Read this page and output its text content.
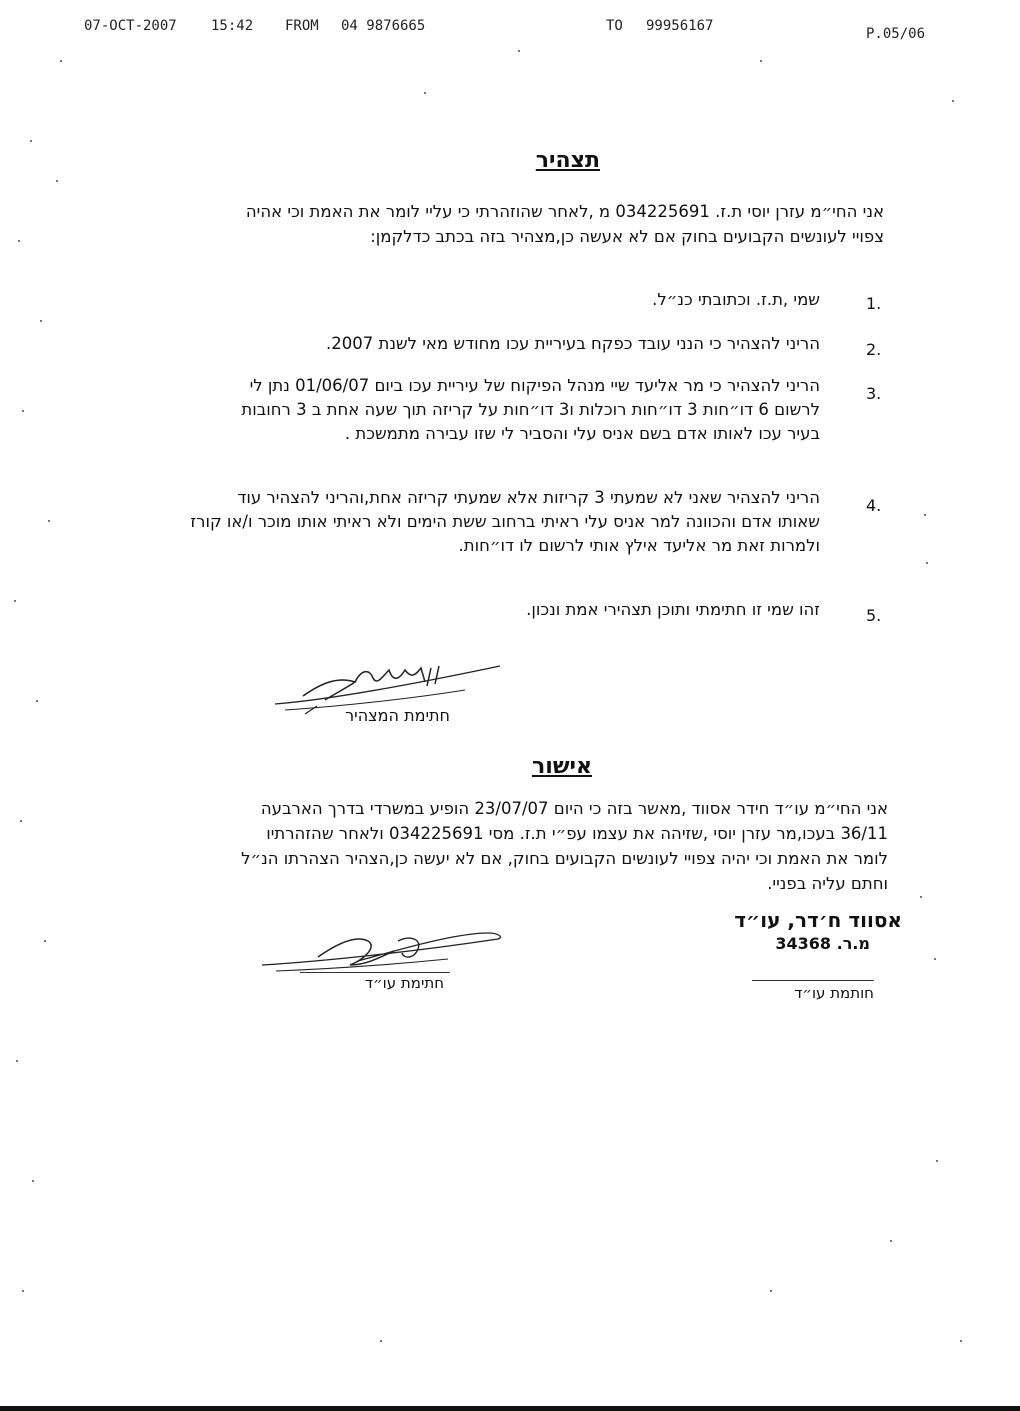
07-OCT-2007 15:42 FROM 04 9876665	TO 99956167	P.05/06
תצהיר
אני החי״מ עזרן יוסי ת.ז. 034225691 מ ,לאחר שהוזהרתי כי עליי לומר את האמת וכי אהיה צפויי לעונשים הקבועים בחוק אם לא אעשה כן,מצהיר בזה בכתב כדלקמן:
1.
שמי ,ת.ז. וכתובתי כנ״ל.
2.
הריני להצהיר כי הנני עובד כפקח בעיריית עכו מחודש מאי לשנת 2007.
3.
הריני להצהיר כי מר אליעד שיי מנהל הפיקוח של עיריית עכו ביום 01/06/07 נתן לי לרשום 6 דו״חות 3 דו״חות רוכלות ו3 דו״חות על קריזה תוך שעה אחת ב 3 רחובות בעיר עכו לאותו אדם בשם אניס עלי והסביר לי שזו עבירה מתמשכת .
4.
הריני להצהיר שאני לא שמעתי 3 קריזות אלא שמעתי קריזה אחת,והריני להצהיר עוד שאותו אדם והכוונה למר אניס עלי ראיתי ברחוב ששת הימים ולא ראיתי אותו מוכר ו/או קורז ולמרות זאת מר אליעד אילץ אותי לרשום לו דו״חות.
5.
זהו שמי זו חתימתי ותוכן תצהירי אמת ונכון.
חתימת המצהיר
אישור
אני החי״מ עו״ד חידר אסווד ,מאשר בזה כי היום 23/07/07 הופיע במשרדי בדרך הארבעה 36/11 בעכו,מר עזרן יוסי ,שזיהה את עצמו עפ״י ת.ז. מסי 034225691 ולאחר שהזהרתיו לומר את האמת וכי יהיה צפויי לעונשים הקבועים בחוק, אם לא יעשה כן,הצהיר הצהרתו הנ״ל וחתם עליה בפניי.
אסווד ח׳דר, עו״ד
מ.ר. 34368
חתימת עו״ד
חותמת עו״ד
